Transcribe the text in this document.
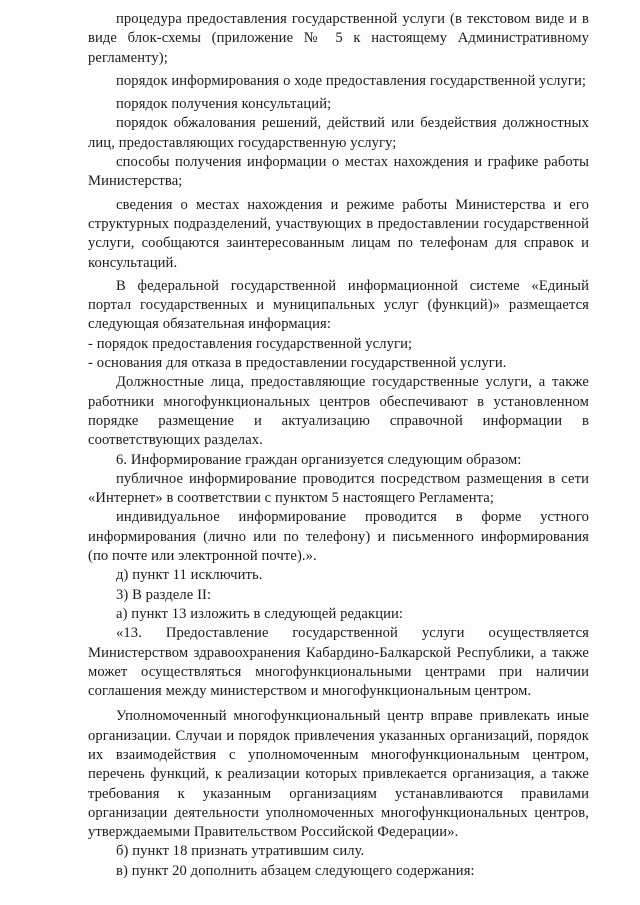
процедура предоставления государственной услуги (в текстовом виде и в виде блок-схемы (приложение № 5 к настоящему Административному регламенту);

порядок информирования о ходе предоставления государственной услуги;

порядок получения консультаций;

порядок обжалования решений, действий или бездействия должностных лиц, предоставляющих государственную услугу;

способы получения информации о местах нахождения и графике работы Министерства;

сведения о местах нахождения и режиме работы Министерства и его структурных подразделений, участвующих в предоставлении государственной услуги, сообщаются заинтересованным лицам по телефонам для справок и консультаций.

В федеральной государственной информационной системе «Единый портал государственных и муниципальных услуг (функций)» размещается следующая обязательная информация:

- порядок предоставления государственной услуги;

- основания для отказа в предоставлении государственной услуги.

Должностные лица, предоставляющие государственные услуги, а также работники многофункциональных центров обеспечивают в установленном порядке размещение и актуализацию справочной информации в соответствующих разделах.

6. Информирование граждан организуется следующим образом:

публичное информирование проводится посредством размещения в сети «Интернет» в соответствии с пунктом 5 настоящего Регламента;

индивидуальное информирование проводится в форме устного информирования (лично или по телефону) и письменного информирования (по почте или электронной почте).».

д) пункт 11 исключить.

3) В разделе II:

а) пункт 13 изложить в следующей редакции:

«13. Предоставление государственной услуги осуществляется Министерством здравоохранения Кабардино-Балкарской Республики, а также может осуществляться многофункциональными центрами при наличии соглашения между министерством и многофункциональным центром.

Уполномоченный многофункциональный центр вправе привлекать иные организации. Случаи и порядок привлечения указанных организаций, порядок их взаимодействия с уполномоченным многофункциональным центром, перечень функций, к реализации которых привлекается организация, а также требования к указанным организациям устанавливаются правилами организации деятельности уполномоченных многофункциональных центров, утверждаемыми Правительством Российской Федерации».

б) пункт 18 признать утратившим силу.

в) пункт 20 дополнить абзацем следующего содержания:
